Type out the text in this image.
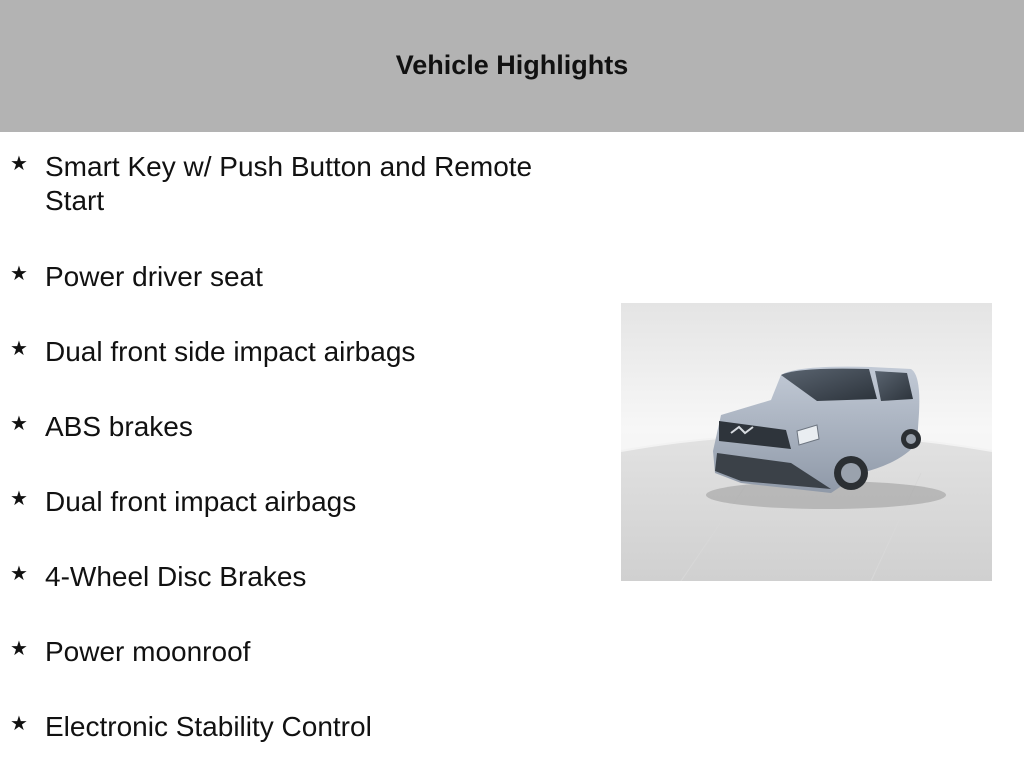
Vehicle Highlights
★ Smart Key w/ Push Button and Remote Start
★ Power driver seat
★ Dual front side impact airbags
★ ABS brakes
★ Dual front impact airbags
★ 4-Wheel Disc Brakes
★ Power moonroof
★ Electronic Stability Control
